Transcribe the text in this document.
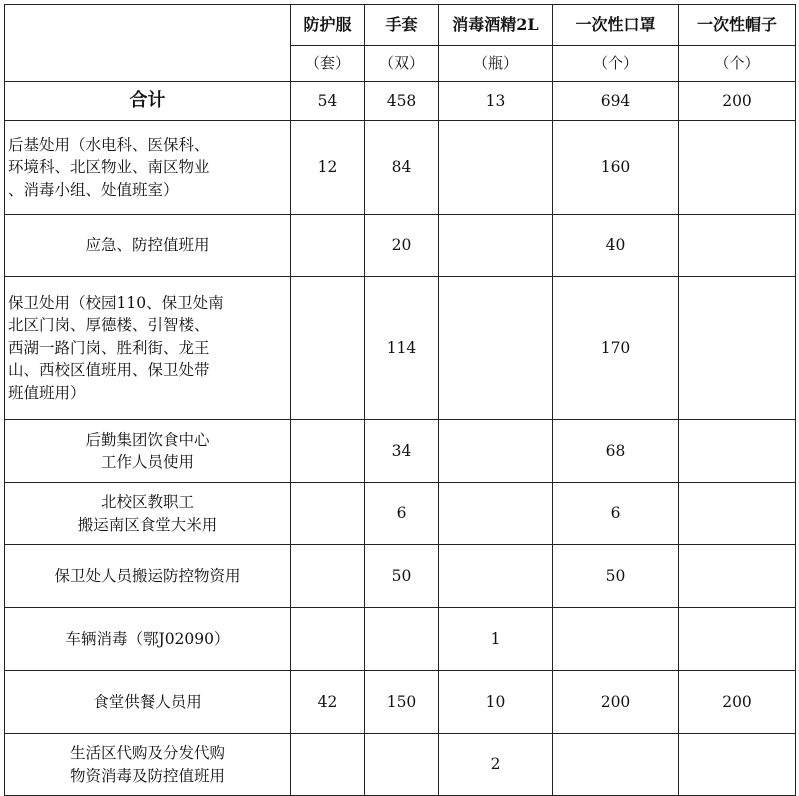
	防护服	手套	消毒酒精2L	一次性口罩	一次性帽子
	（套）	（双）	（瓶）	（个）	（个）
合计	54	458	13	694	200
后基处用（水电科、医保科、
环境科、北区物业、南区物业
、消毒小组、处值班室）	12	84		160	
应急、防控值班用		20		40	
保卫处用（校园110、保卫处南
北区门岗、厚德楼、引智楼、
西湖一路门岗、胜利街、龙王
山、西校区值班用、保卫处带
班值班用）		114		170	
后勤集团饮食中心
工作人员使用		34		68	
北校区教职工
搬运南区食堂大米用		6		6	
保卫处人员搬运防控物资用		50		50	
车辆消毒（鄂J02090）			1		
食堂供餐人员用	42	150	10	200	200
生活区代购及分发代购
物资消毒及防控值班用			2		
